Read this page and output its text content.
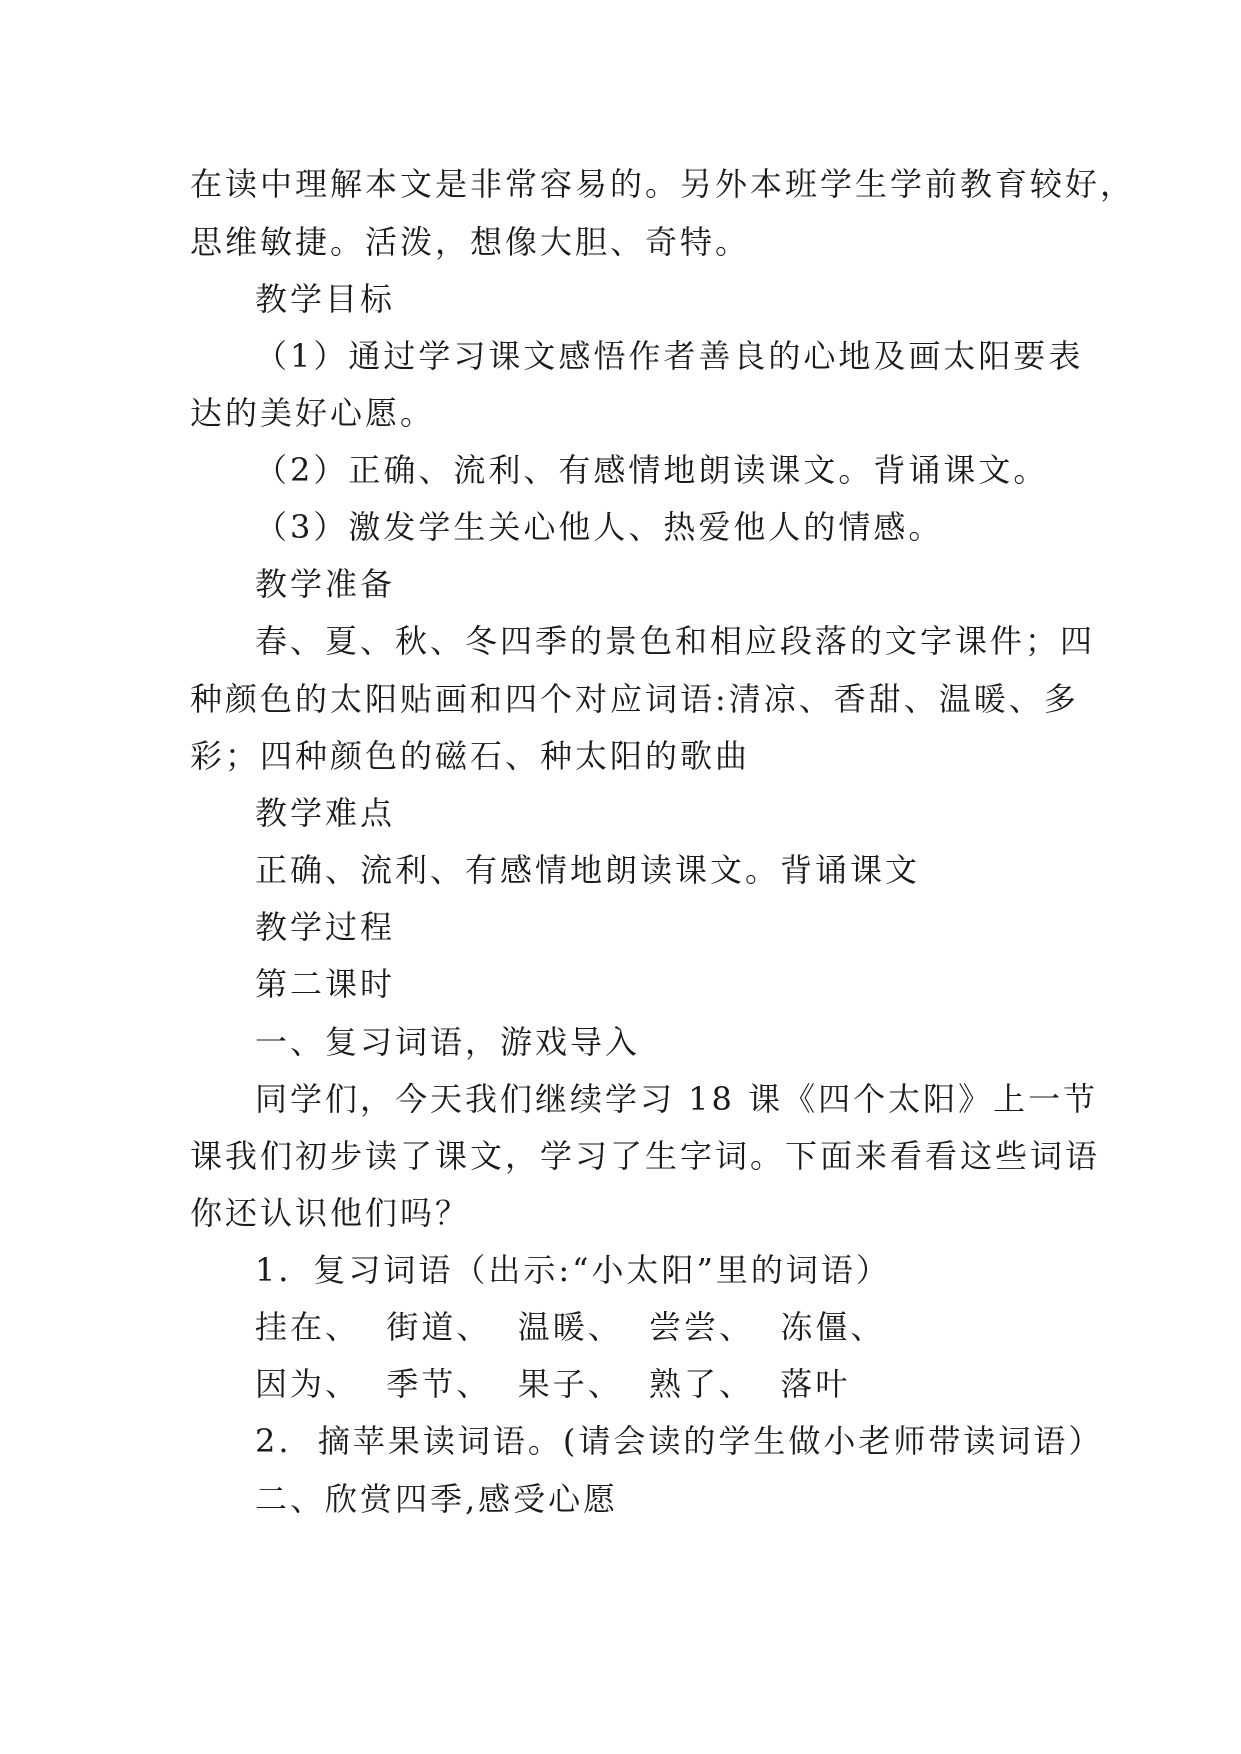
在读中理解本文是非常容易的。另外本班学生学前教育较好，
思维敏捷。活泼，想像大胆、奇特。
教学目标
（1）通过学习课文感悟作者善良的心地及画太阳要表
达的美好心愿。
（2）正确、流利、有感情地朗读课文。背诵课文。
（3）激发学生关心他人、热爱他人的情感。
教学准备
春、夏、秋、冬四季的景色和相应段落的文字课件；四
种颜色的太阳贴画和四个对应词语:清凉、香甜、温暖、多
彩；四种颜色的磁石、种太阳的歌曲
教学难点
正确、流利、有感情地朗读课文。背诵课文
教学过程
第二课时
一、复习词语，游戏导入
同学们，今天我们继续学习 18 课《四个太阳》上一节
课我们初步读了课文，学习了生字词。下面来看看这些词语
你还认识他们吗？
1．复习词语（出示:“小太阳”里的词语）
挂在、  街道、  温暖、  尝尝、  冻僵、
因为、  季节、  果子、  熟了、  落叶
2.  摘苹果读词语。(请会读的学生做小老师带读词语）
二、欣赏四季,感受心愿
